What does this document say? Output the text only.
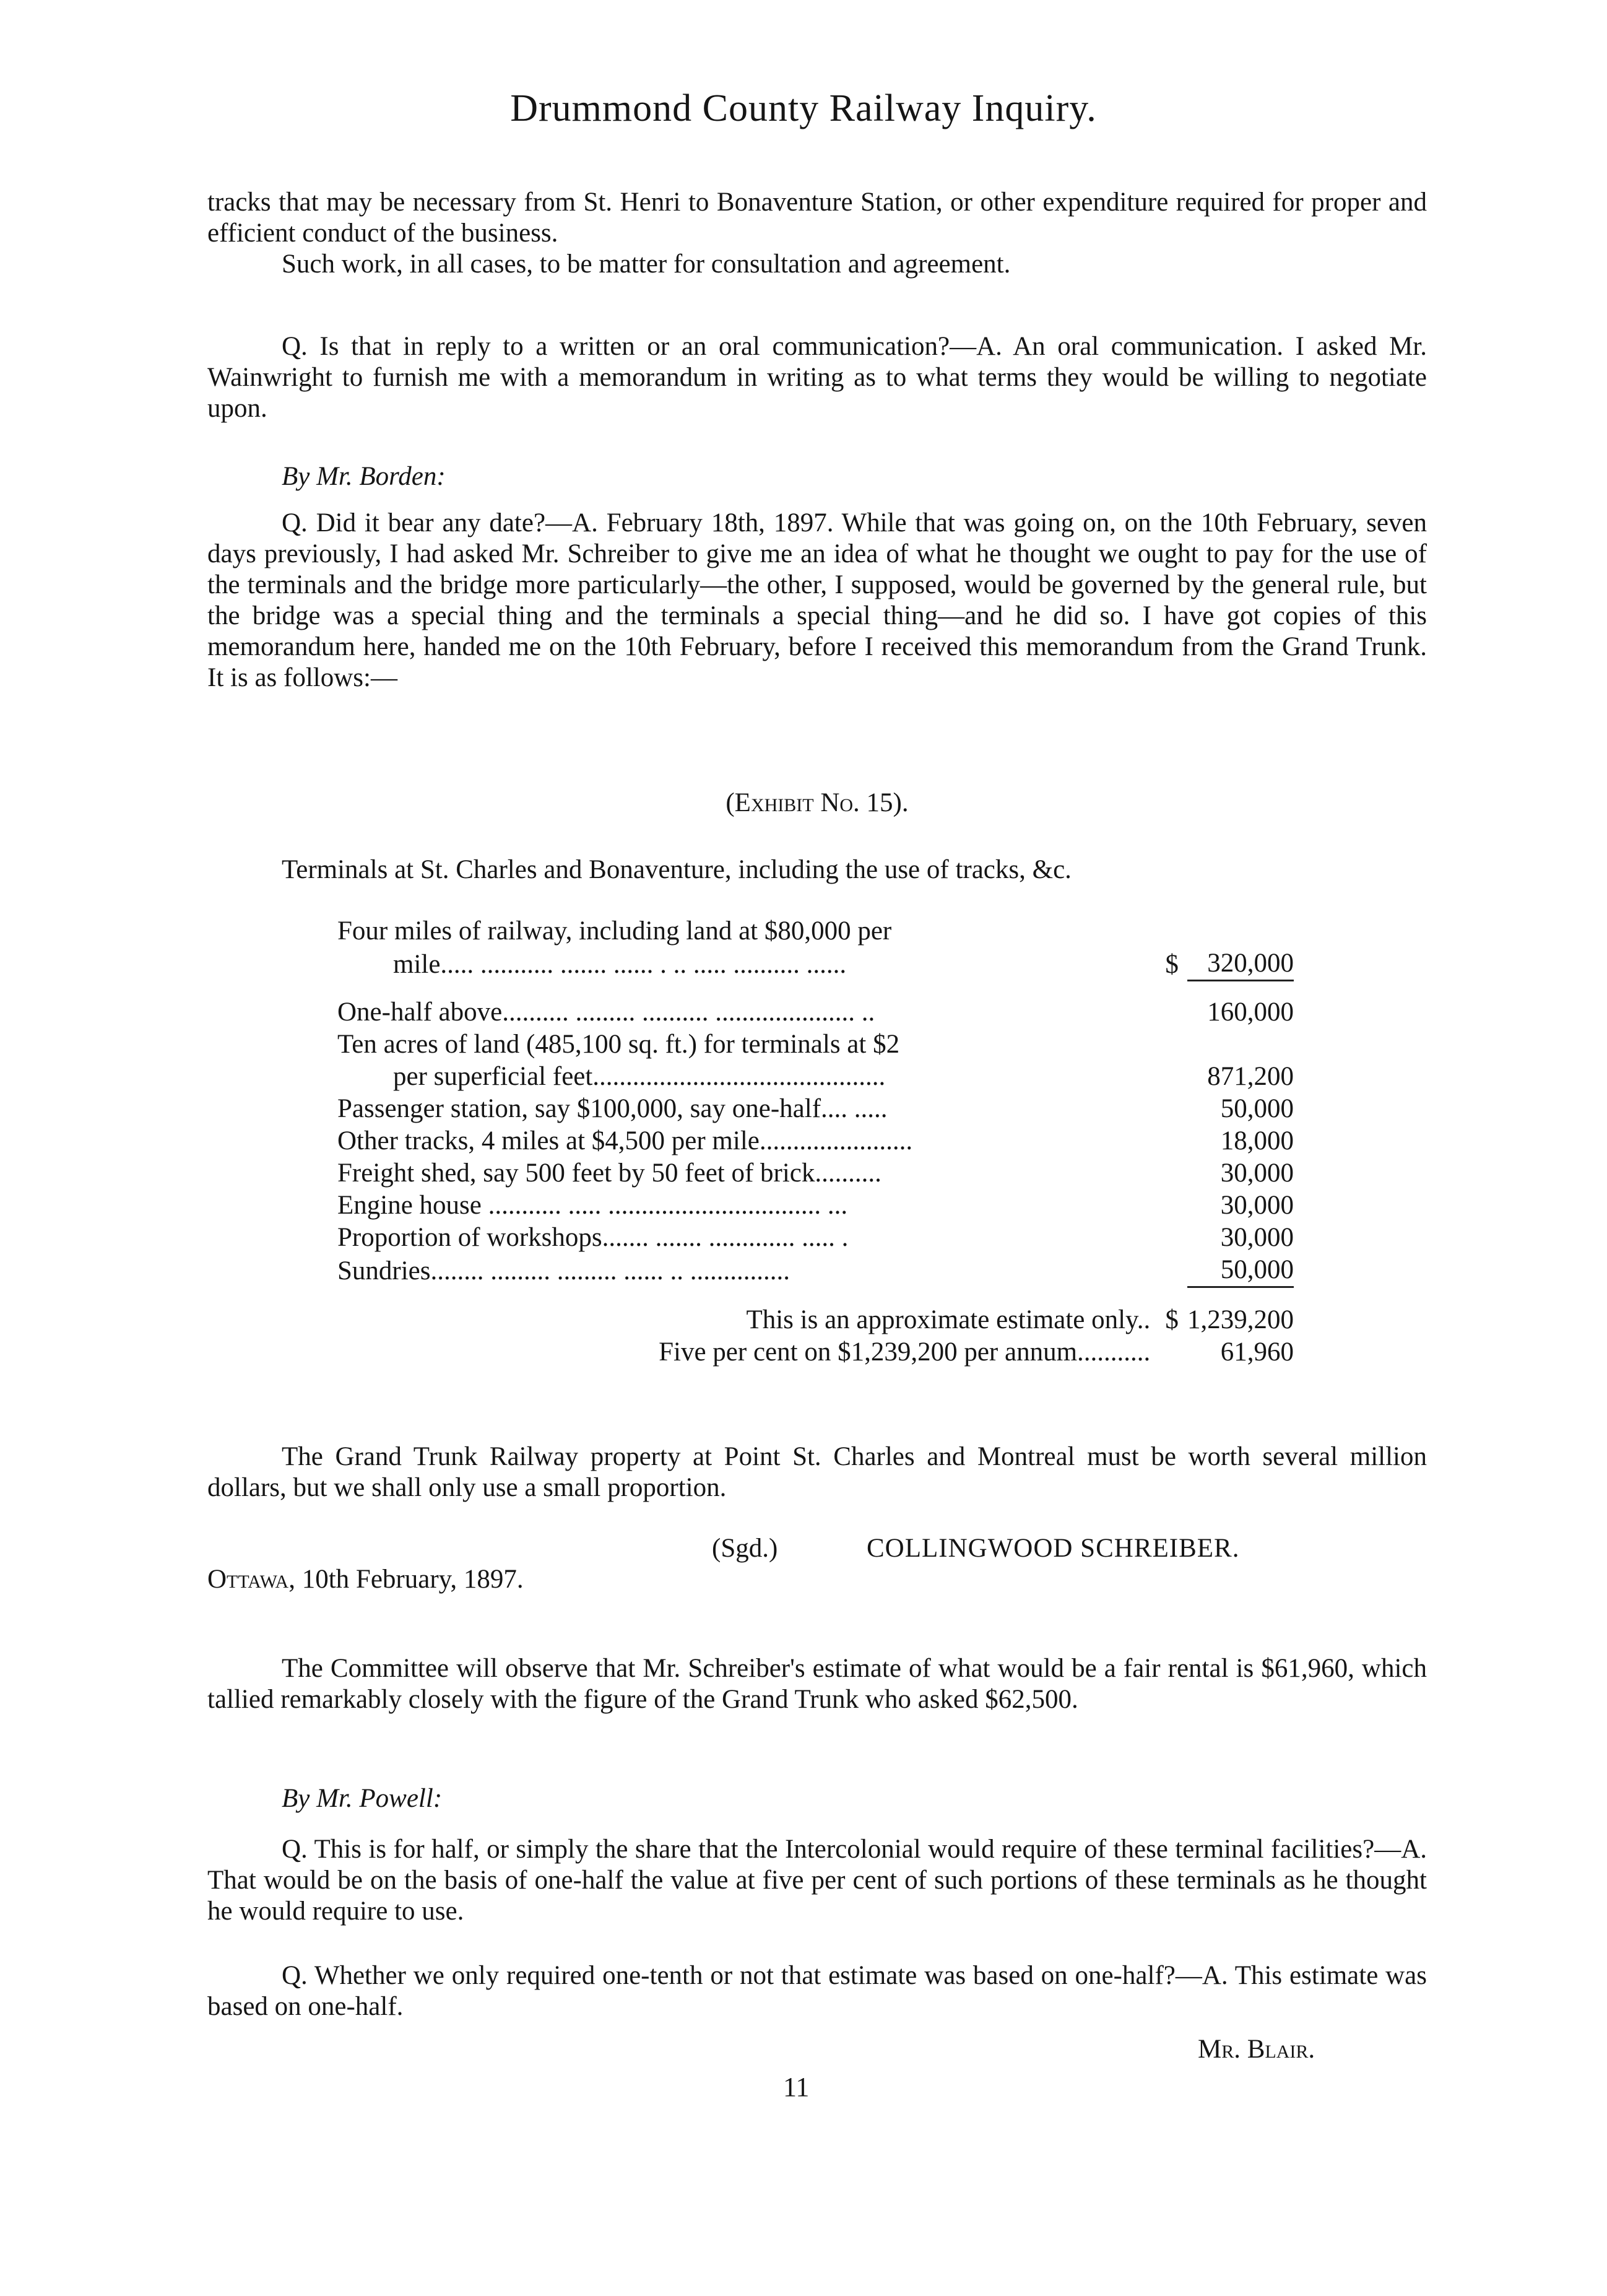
Drummond County Railway Inquiry.

tracks that may be necessary from St. Henri to Bonaventure Station, or other expenditure required for proper and efficient conduct of the business.

Such work, in all cases, to be matter for consultation and agreement.

Q. Is that in reply to a written or an oral communication?—A. An oral communication. I asked Mr. Wainwright to furnish me with a memorandum in writing as to what terms they would be willing to negotiate upon.

By Mr. Borden:

Q. Did it bear any date?—A. February 18th, 1897. While that was going on, on the 10th February, seven days previously, I had asked Mr. Schreiber to give me an idea of what he thought we ought to pay for the use of the terminals and the bridge more particularly—the other, I supposed, would be governed by the general rule, but the bridge was a special thing and the terminals a special thing—and he did so. I have got copies of this memorandum here, handed me on the 10th February, before I received this memorandum from the Grand Trunk. It is as follows:—

(Exhibit No. 15).

Terminals at St. Charles and Bonaventure, including the use of tracks, &c.

Four miles of railway, including land at $80,000 per		
mile..... ........... ....... ...... . .. ..... .......... ......	$	320,000
One-half above.......... ......... .......... ..................... ..		160,000
Ten acres of land (485,100 sq. ft.) for terminals at $2		
per superficial feet............................................		871,200
Passenger station, say $100,000, say one-half.... .....		50,000
Other tracks, 4 miles at $4,500 per mile.......................		18,000
Freight shed, say 500 feet by 50 feet of brick..........		30,000
Engine house ........... ..... ................................ ...		30,000
Proportion of workshops....... ....... ............. ..... .		30,000
Sundries........ ......... ......... ...... .. ...............		50,000
This is an approximate estimate only..	$	1,239,200
Five per cent on $1,239,200 per annum...........		61,960

The Grand Trunk Railway property at Point St. Charles and Montreal must be worth several million dollars, but we shall only use a small proportion.

(Sgd.)	COLLINGWOOD SCHREIBER.
Ottawa, 10th February, 1897.

The Committee will observe that Mr. Schreiber's estimate of what would be a fair rental is $61,960, which tallied remarkably closely with the figure of the Grand Trunk who asked $62,500.

By Mr. Powell:

Q. This is for half, or simply the share that the Intercolonial would require of these terminal facilities?—A. That would be on the basis of one-half the value at five per cent of such portions of these terminals as he thought he would require to use.

Q. Whether we only required one-tenth or not that estimate was based on one-half?—A. This estimate was based on one-half.

Mr. Blair.
11
